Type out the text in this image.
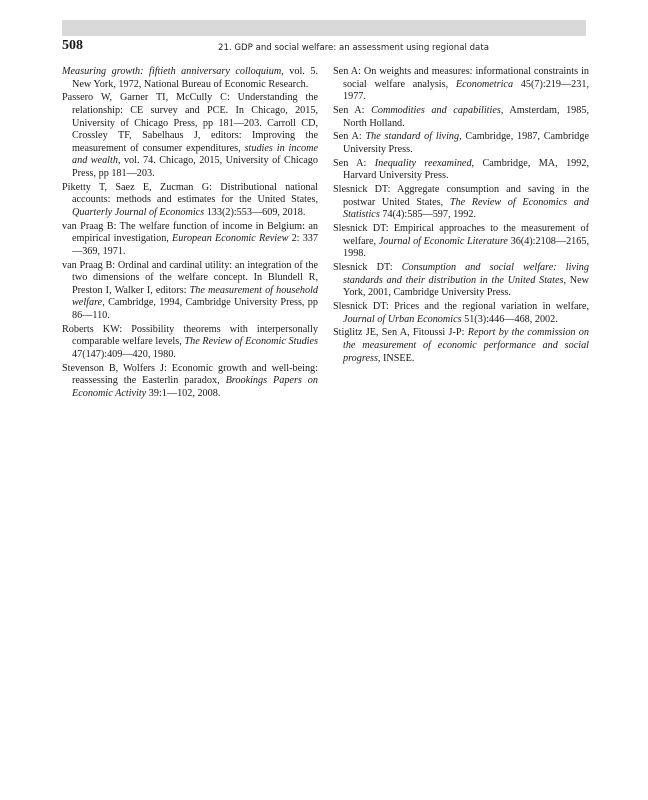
508	21. GDP and social welfare: an assessment using regional data

Measuring growth: fiftieth anniversary colloquium, vol. 5. New York, 1972, National Bureau of Economic Research.

Passero W, Garner TI, McCully C: Understanding the relationship: CE survey and PCE. In Chicago, 2015, University of Chicago Press, pp 181—203. Carroll CD, Crossley TF, Sabelhaus J, editors: Improving the measurement of consumer expenditures, studies in income and wealth, vol. 74. Chicago, 2015, University of Chicago Press, pp 181—203.

Piketty T, Saez E, Zucman G: Distributional national accounts: methods and estimates for the United States, Quarterly Journal of Economics 133(2):553—609, 2018.

van Praag B: The welfare function of income in Belgium: an empirical investigation, European Economic Review 2: 337—369, 1971.

van Praag B: Ordinal and cardinal utility: an integration of the two dimensions of the welfare concept. In Blundell R, Preston I, Walker I, editors: The measurement of household welfare, Cambridge, 1994, Cambridge University Press, pp 86—110.

Roberts KW: Possibility theorems with interpersonally comparable welfare levels, The Review of Economic Studies 47(147):409—420, 1980.

Stevenson B, Wolfers J: Economic growth and well-being: reassessing the Easterlin paradox, Brookings Papers on Economic Activity 39:1—102, 2008.

Sen A: On weights and measures: informational constraints in social welfare analysis, Econometrica 45(7):219—231, 1977.

Sen A: Commodities and capabilities, Amsterdam, 1985, North Holland.

Sen A: The standard of living, Cambridge, 1987, Cambridge University Press.

Sen A: Inequality reexamined, Cambridge, MA, 1992, Harvard University Press.

Slesnick DT: Aggregate consumption and saving in the postwar United States, The Review of Economics and Statistics 74(4):585—597, 1992.

Slesnick DT: Empirical approaches to the measurement of welfare, Journal of Economic Literature 36(4):2108—2165, 1998.

Slesnick DT: Consumption and social welfare: living standards and their distribution in the United States, New York, 2001, Cambridge University Press.

Slesnick DT: Prices and the regional variation in welfare, Journal of Urban Economics 51(3):446—468, 2002.

Stiglitz JE, Sen A, Fitoussi J-P: Report by the commission on the measurement of economic performance and social progress, INSEE.
